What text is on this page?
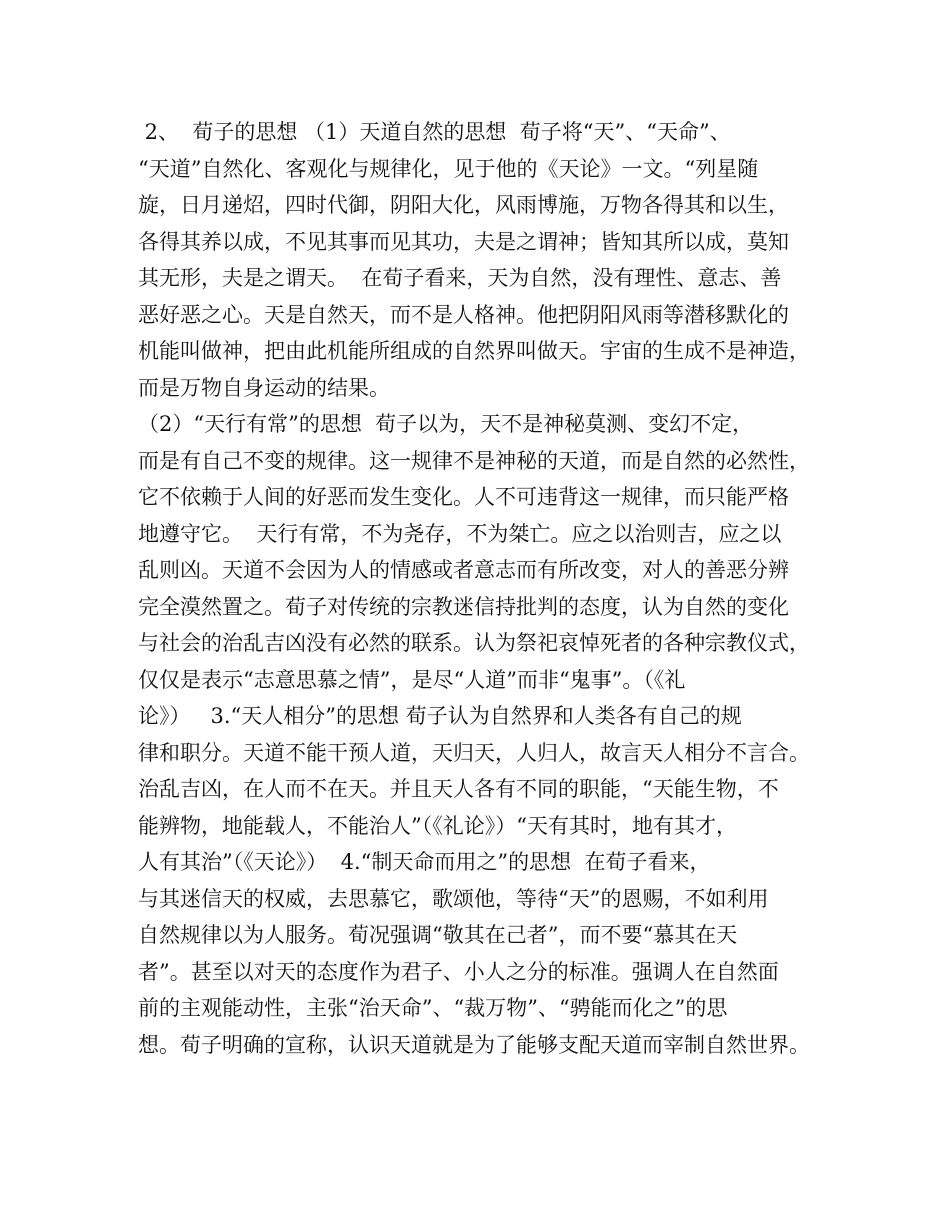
2、  荀子的思想 （1）天道自然的思想  荀子将“天”、“天命”、
“天道”自然化、客观化与规律化，见于他的《天论》一文。“列星随
旋，日月递炤，四时代御，阴阳大化，风雨博施，万物各得其和以生，
各得其养以成，不见其事而见其功，夫是之谓神；皆知其所以成，莫知
其无形，夫是之谓天。  在荀子看来，天为自然，没有理性、意志、善
恶好恶之心。天是自然天，而不是人格神。他把阴阳风雨等潜移默化的
机能叫做神，把由此机能所组成的自然界叫做天。宇宙的生成不是神造，
而是万物自身运动的结果。
（2）“天行有常”的思想  荀子以为，天不是神秘莫测、变幻不定，
而是有自己不变的规律。这一规律不是神秘的天道，而是自然的必然性，
它不依赖于人间的好恶而发生变化。人不可违背这一规律，而只能严格
地遵守它。  天行有常，不为尧存，不为桀亡。应之以治则吉，应之以
乱则凶。天道不会因为人的情感或者意志而有所改变，对人的善恶分辨
完全漠然置之。荀子对传统的宗教迷信持批判的态度，认为自然的变化
与社会的治乱吉凶没有必然的联系。认为祭祀哀悼死者的各种宗教仪式，
仅仅是表示“志意思慕之情”，是尽“人道”而非“鬼事”。（《礼
论》）   3.“天人相分”的思想 荀子认为自然界和人类各有自己的规
律和职分。天道不能干预人道，天归天，人归人，故言天人相分不言合。
治乱吉凶，在人而不在天。并且天人各有不同的职能，“天能生物，不
能辨物，地能载人，不能治人”（《礼论》）“天有其时，地有其才，
人有其治”（《天论》）  4.“制天命而用之”的思想  在荀子看来，
与其迷信天的权威，去思慕它，歌颂他，等待“天”的恩赐，不如利用
自然规律以为人服务。荀况强调“敬其在己者”，而不要“慕其在天
者”。甚至以对天的态度作为君子、小人之分的标准。强调人在自然面
前的主观能动性，主张“治天命”、“裁万物”、“骋能而化之”的思
想。荀子明确的宣称，认识天道就是为了能够支配天道而宰制自然世界。
